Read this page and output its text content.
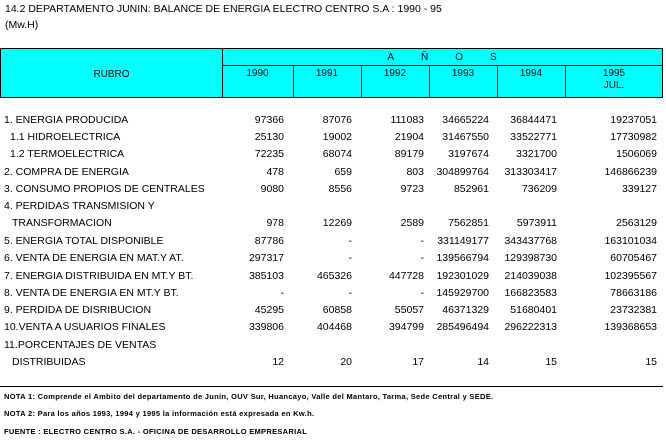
14.2 DEPARTAMENTO JUNIN: BALANCE DE ENERGIA ELECTRO CENTRO S.A : 1990 - 95
(Mw.H)
RUBRO
AÑOS
1990	1991	1992	1993	1994	1995
JUL.
1. ENERGIA PRODUCIDA	97366	87076	111083	34665224	36844471	19237051
1.1 HIDROELECTRICA	25130	19002	21904	31467550	33522771	17730982
1.2 TERMOELECTRICA	72235	68074	89179	3197674	3321700	1506069
2. COMPRA DE ENERGIA	478	659	803	304899764	313303417	146866239
3. CONSUMO PROPIOS DE CENTRALES	9080	8556	9723	852961	736209	339127
4. PERDIDAS TRANSMISION Y
TRANSFORMACION	978	12269	2589	7562851	5973911	2563129
5. ENERGIA TOTAL DISPONIBLE	87786	-	-	331149177	343437768	163101034
6. VENTA DE ENERGIA EN MAT.Y AT.	297317	-	-	139566794	129398730	60705467
7. ENERGIA DISTRIBUIDA EN MT.Y BT.	385103	465326	447728	192301029	214039038	102395567
8. VENTA DE ENERGIA EN MT.Y BT.	-	-	-	145929700	166823583	78663186
9. PERDIDA DE DISRIBUCION	45295	60858	55057	46371329	51680401	23732381
10.VENTA A USUARIOS FINALES	339806	404468	394799	285496494	296222313	139368653
11.PORCENTAJES DE VENTAS
DISTRIBUIDAS	12	20	17	14	15	15
NOTA 1: Comprende el Ambito del departamento de Junín, OUV Sur, Huancayo, Valle del Mantaro, Tarma, Sede Central y SEDE.
NOTA 2: Para los años 1993, 1994 y 1995 la información está expresada en Kw.h.
FUENTE : ELECTRO CENTRO S.A. - OFICINA DE DESARROLLO EMPRESARIAL
